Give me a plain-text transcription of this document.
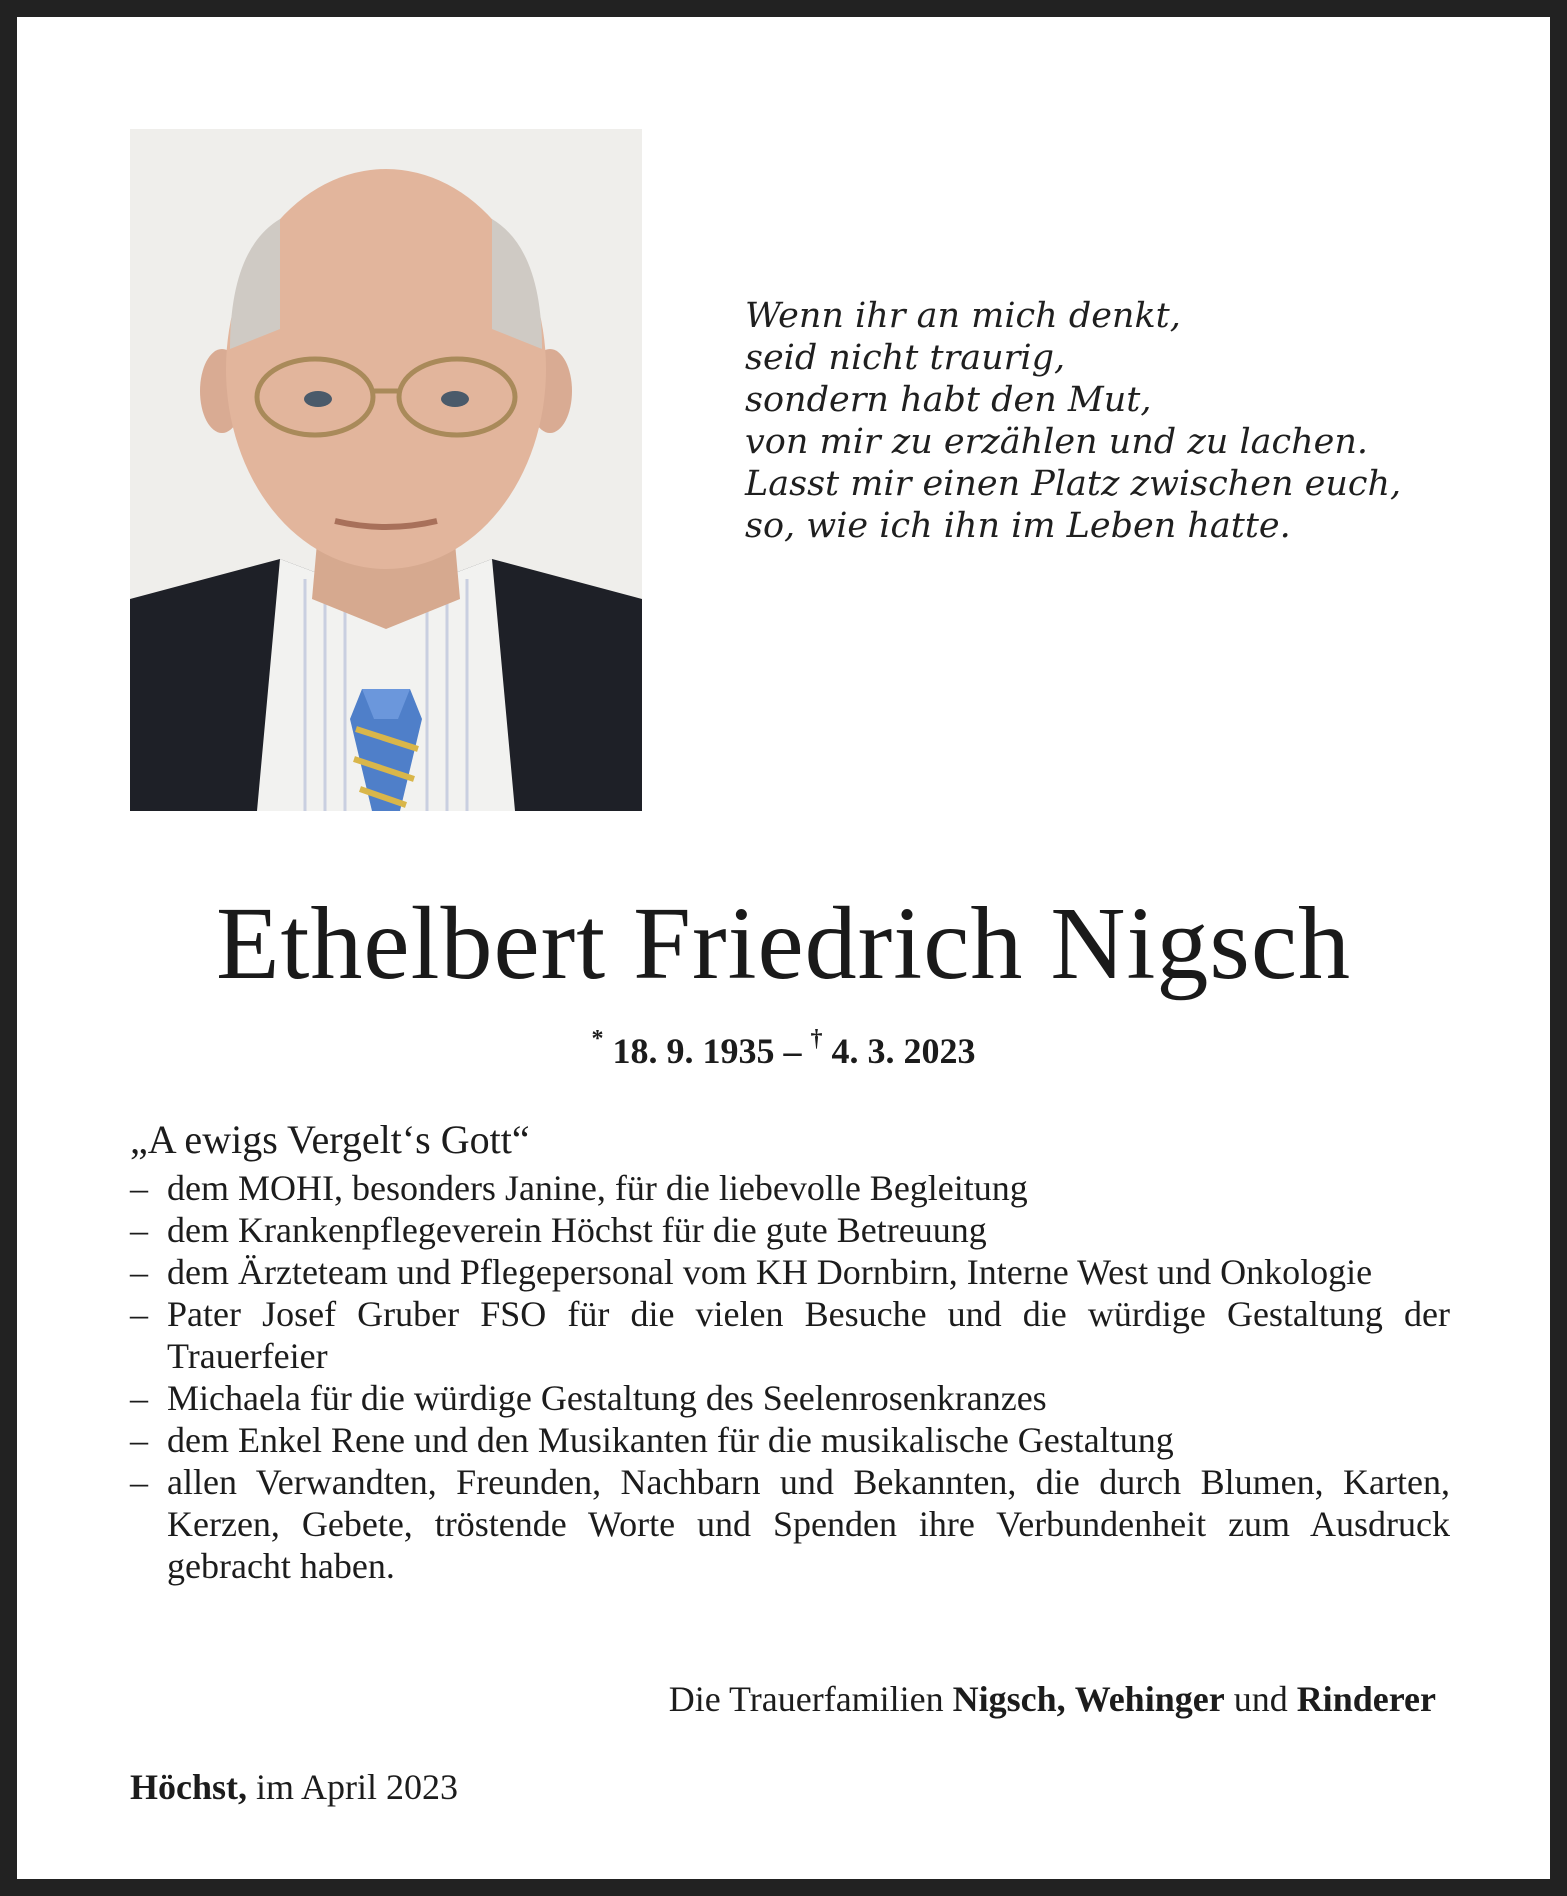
Wenn ihr an mich denkt,
seid nicht traurig,
sondern habt den Mut,
von mir zu erzählen und zu lachen.
Lasst mir einen Platz zwischen euch,
so, wie ich ihn im Leben hatte.
Ethelbert Friedrich Nigsch
* 18. 9. 1935 – † 4. 3. 2023
„A ewigs Vergelt‘s Gott“
– dem MOHI, besonders Janine, für die liebevolle Begleitung
– dem Krankenpflegeverein Höchst für die gute Betreuung
– dem Ärzteteam und Pflegepersonal vom KH Dornbirn, Interne West und Onkologie
– Pater Josef Gruber FSO für die vielen Besuche und die würdige Gestaltung der Trauerfeier
– Michaela für die würdige Gestaltung des Seelenrosenkranzes
– dem Enkel Rene und den Musikanten für die musikalische Gestaltung
– allen Verwandten, Freunden, Nachbarn und Bekannten, die durch Blumen, Karten, Kerzen, Gebete, tröstende Worte und Spenden ihre Verbundenheit zum Ausdruck gebracht haben.
Die Trauerfamilien Nigsch, Wehinger und Rinderer
Höchst, im April 2023
